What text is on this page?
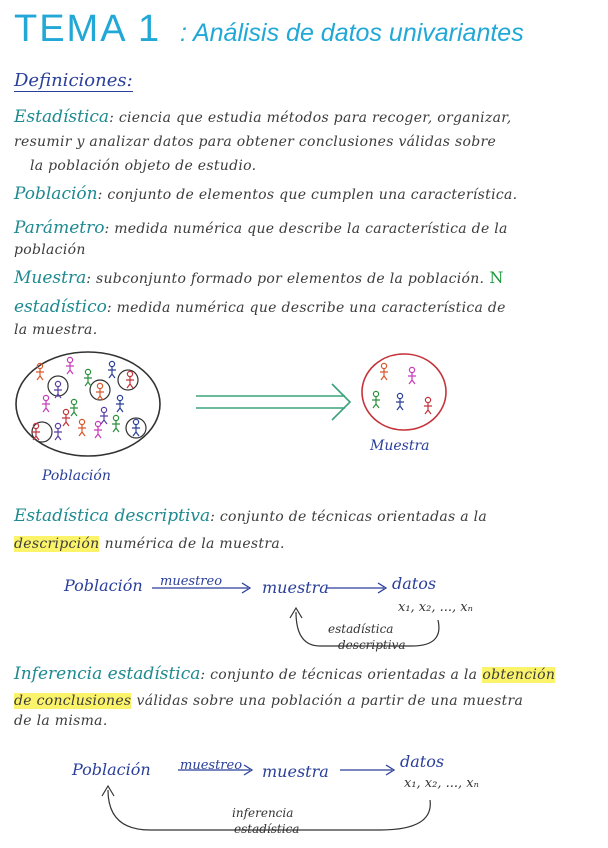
TEMA 1 : Análisis de datos univariantes
Definiciones:
Estadística: ciencia que estudia métodos para recoger, organizar,
resumir y analizar datos para obtener conclusiones válidas sobre
la población objeto de estudio.
Población: conjunto de elementos que cumplen una característica.
Parámetro: medida numérica que describe la característica de la
población
Muestra: subconjunto formado por elementos de la población. N
estadístico: medida numérica que describe una característica de
la muestra.
Población
Muestra
Estadística descriptiva: conjunto de técnicas orientadas a la
descripción numérica de la muestra.
Población muestreo muestra	datos
x₁, x₂, ..., xₙ
estadística
descriptiva
Inferencia estadística: conjunto de técnicas orientadas a la obtención
de conclusiones válidas sobre una población a partir de una muestra
de la misma.
Población muestreo muestra
datos
x₁, x₂, ..., xₙ
inferencia
estadística
